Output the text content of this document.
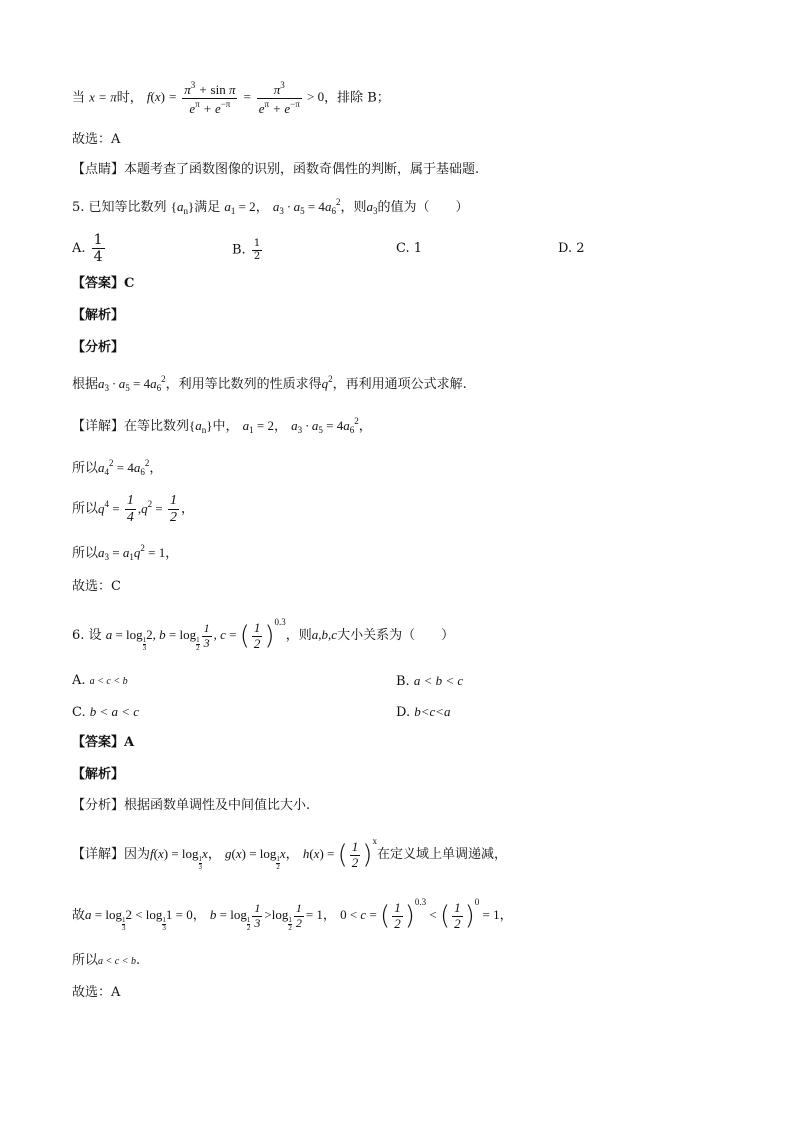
当 x = π时， $f(x) = \frac{\pi^3 + \sin \pi}{e^\pi + e^{-\pi}} = \frac{\pi^3}{e^\pi + e^{-\pi}} > 0$，排除 B；
故选：A
【点睛】本题考查了函数图像的识别，函数奇偶性的判断，属于基础题.
5. 已知等比数列 $\{a_n\}$满足 $a_1 = 2$， $a_3 \cdot a_5 = 4a_6^2$，则$a_3$的值为（　　）
A. $\frac{1}{4}$	B. $\frac{1}{2}$	C. 1	D. 2
【答案】C
【解析】
【分析】
根据$a_3 \cdot a_5 = 4a_6^2$，利用等比数列的性质求得$q^2$，再利用通项公式求解.
【详解】在等比数列$\{a_n\}$中， $a_1 = 2$， $a_3 \cdot a_5 = 4a_6^2$，
所以$a_4^2 = 4a_6^2$，
所以$q^4 = \frac{1}{4} ,q^2 = \frac{1}{2}$ ，
所以$a_3 = a_1q^2 = 1$，
故选：C
6. 设 a = log
$\frac{1}{3}$
2, b = log
$\frac{1}{2} \frac{1}{3}$ , c = ( $\frac{1}{2} )^{0.3}$，则a,b,c大小关系为（　　）
A. a < c < b	B. a < b < c
C. b < a < c	D. b<c<a
【答案】A
【解析】
【分析】根据函数单调性及中间值比大小.
【详解】因为f(x) = log
$\frac{1}{3}$
x， g(x) = log
$\frac{1}{2}$
x， h(x) = ( $\frac{1}{2} )^x$在定义域上单调递减，
故a = log
$\frac{1}{3}$
2 < log
$\frac{1}{3}$
1 = 0， b = log
$\frac{1}{2} \frac{1}{3} >\log$
$\frac{1}{2} \frac{1}{2} = 1$， 0 < c = ( $\frac{1}{2} )^{0.3}$ < ( $\frac{1}{2} )^0 = 1$，
所以a < c < b.
故选：A
